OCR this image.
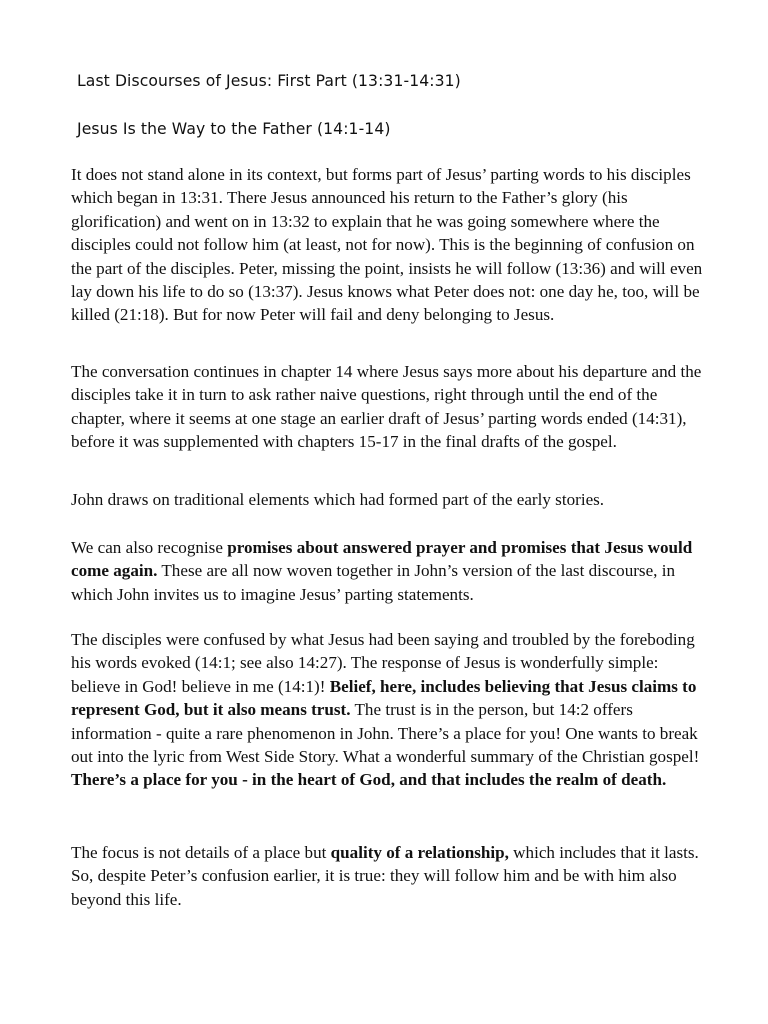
Last Discourses of Jesus: First Part (13:31-14:31)
Jesus Is the Way to the Father (14:1-14)

It does not stand alone in its context, but forms part of Jesus’ parting words to his disciples which began in 13:31. There Jesus announced his return to the Father’s glory (his glorification) and went on in 13:32 to explain that he was going somewhere where the disciples could not follow him (at least, not for now). This is the beginning of confusion on the part of the disciples. Peter, missing the point, insists he will follow (13:36) and will even lay down his life to do so (13:37). Jesus knows what Peter does not: one day he, too, will be killed (21:18). But for now Peter will fail and deny belonging to Jesus.

The conversation continues in chapter 14 where Jesus says more about his departure and the disciples take it in turn to ask rather naive questions, right through until the end of the chapter, where it seems at one stage an earlier draft of Jesus’ parting words ended (14:31), before it was supplemented with chapters 15-17 in the final drafts of the gospel.

John draws on traditional elements which had formed part of the early stories.

We can also recognise promises about answered prayer and promises that Jesus would come again. These are all now woven together in John’s version of the last discourse, in which John invites us to imagine Jesus’ parting statements.

The disciples were confused by what Jesus had been saying and troubled by the foreboding his words evoked (14:1; see also 14:27). The response of Jesus is wonderfully simple: believe in God! believe in me (14:1)! Belief, here, includes believing that Jesus claims to represent God, but it also means trust. The trust is in the person, but 14:2 offers information - quite a rare phenomenon in John. There’s a place for you! One wants to break out into the lyric from West Side Story. What a wonderful summary of the Christian gospel! There’s a place for you - in the heart of God, and that includes the realm of death.

The focus is not details of a place but quality of a relationship, which includes that it lasts. So, despite Peter’s confusion earlier, it is true: they will follow him and be with him also beyond this life.
